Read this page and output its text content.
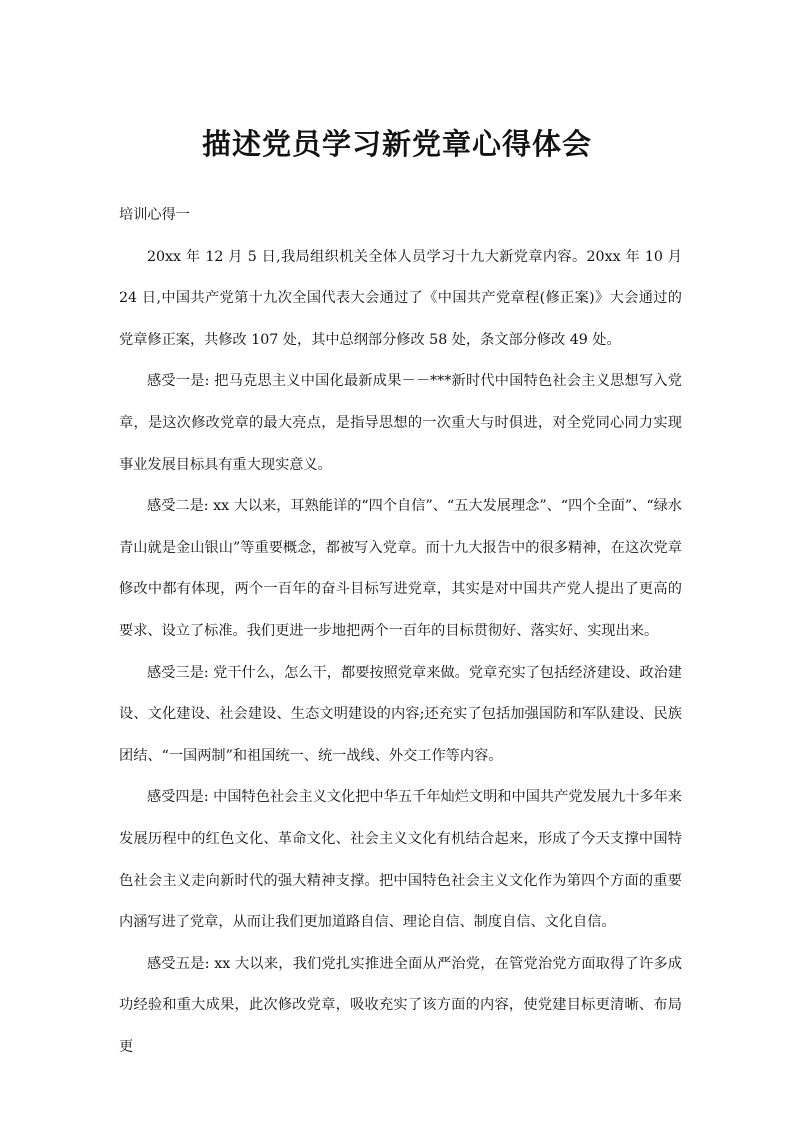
描述党员学习新党章心得体会

培训心得一

20xx 年 12 月 5 日,我局组织机关全体人员学习十九大新党章内容。20xx 年 10 月 24 日,中国共产党第十九次全国代表大会通过了《中国共产党章程(修正案)》大会通过的党章修正案，共修改 107 处，其中总纲部分修改 58 处，条文部分修改 49 处。

感受一是: 把马克思主义中国化最新成果－－***新时代中国特色社会主义思想写入党章，是这次修改党章的最大亮点，是指导思想的一次重大与时俱进，对全党同心同力实现事业发展目标具有重大现实意义。

感受二是: xx 大以来，耳熟能详的“四个自信”、“五大发展理念”、“四个全面”、“绿水青山就是金山银山”等重要概念，都被写入党章。而十九大报告中的很多精神，在这次党章修改中都有体现，两个一百年的奋斗目标写进党章，其实是对中国共产党人提出了更高的要求、设立了标准。我们更进一步地把两个一百年的目标贯彻好、落实好、实现出来。

感受三是: 党干什么，怎么干，都要按照党章来做。党章充实了包括经济建设、政治建设、文化建设、社会建设、生态文明建设的内容;还充实了包括加强国防和军队建设、民族团结、“一国两制”和祖国统一、统一战线、外交工作等内容。

感受四是: 中国特色社会主义文化把中华五千年灿烂文明和中国共产党发展九十多年来发展历程中的红色文化、革命文化、社会主义文化有机结合起来，形成了今天支撑中国特色社会主义走向新时代的强大精神支撑。把中国特色社会主义文化作为第四个方面的重要内涵写进了党章，从而让我们更加道路自信、理论自信、制度自信、文化自信。

感受五是: xx 大以来，我们党扎实推进全面从严治党，在管党治党方面取得了许多成功经验和重大成果，此次修改党章，吸收充实了该方面的内容，使党建目标更清晰、布局更
